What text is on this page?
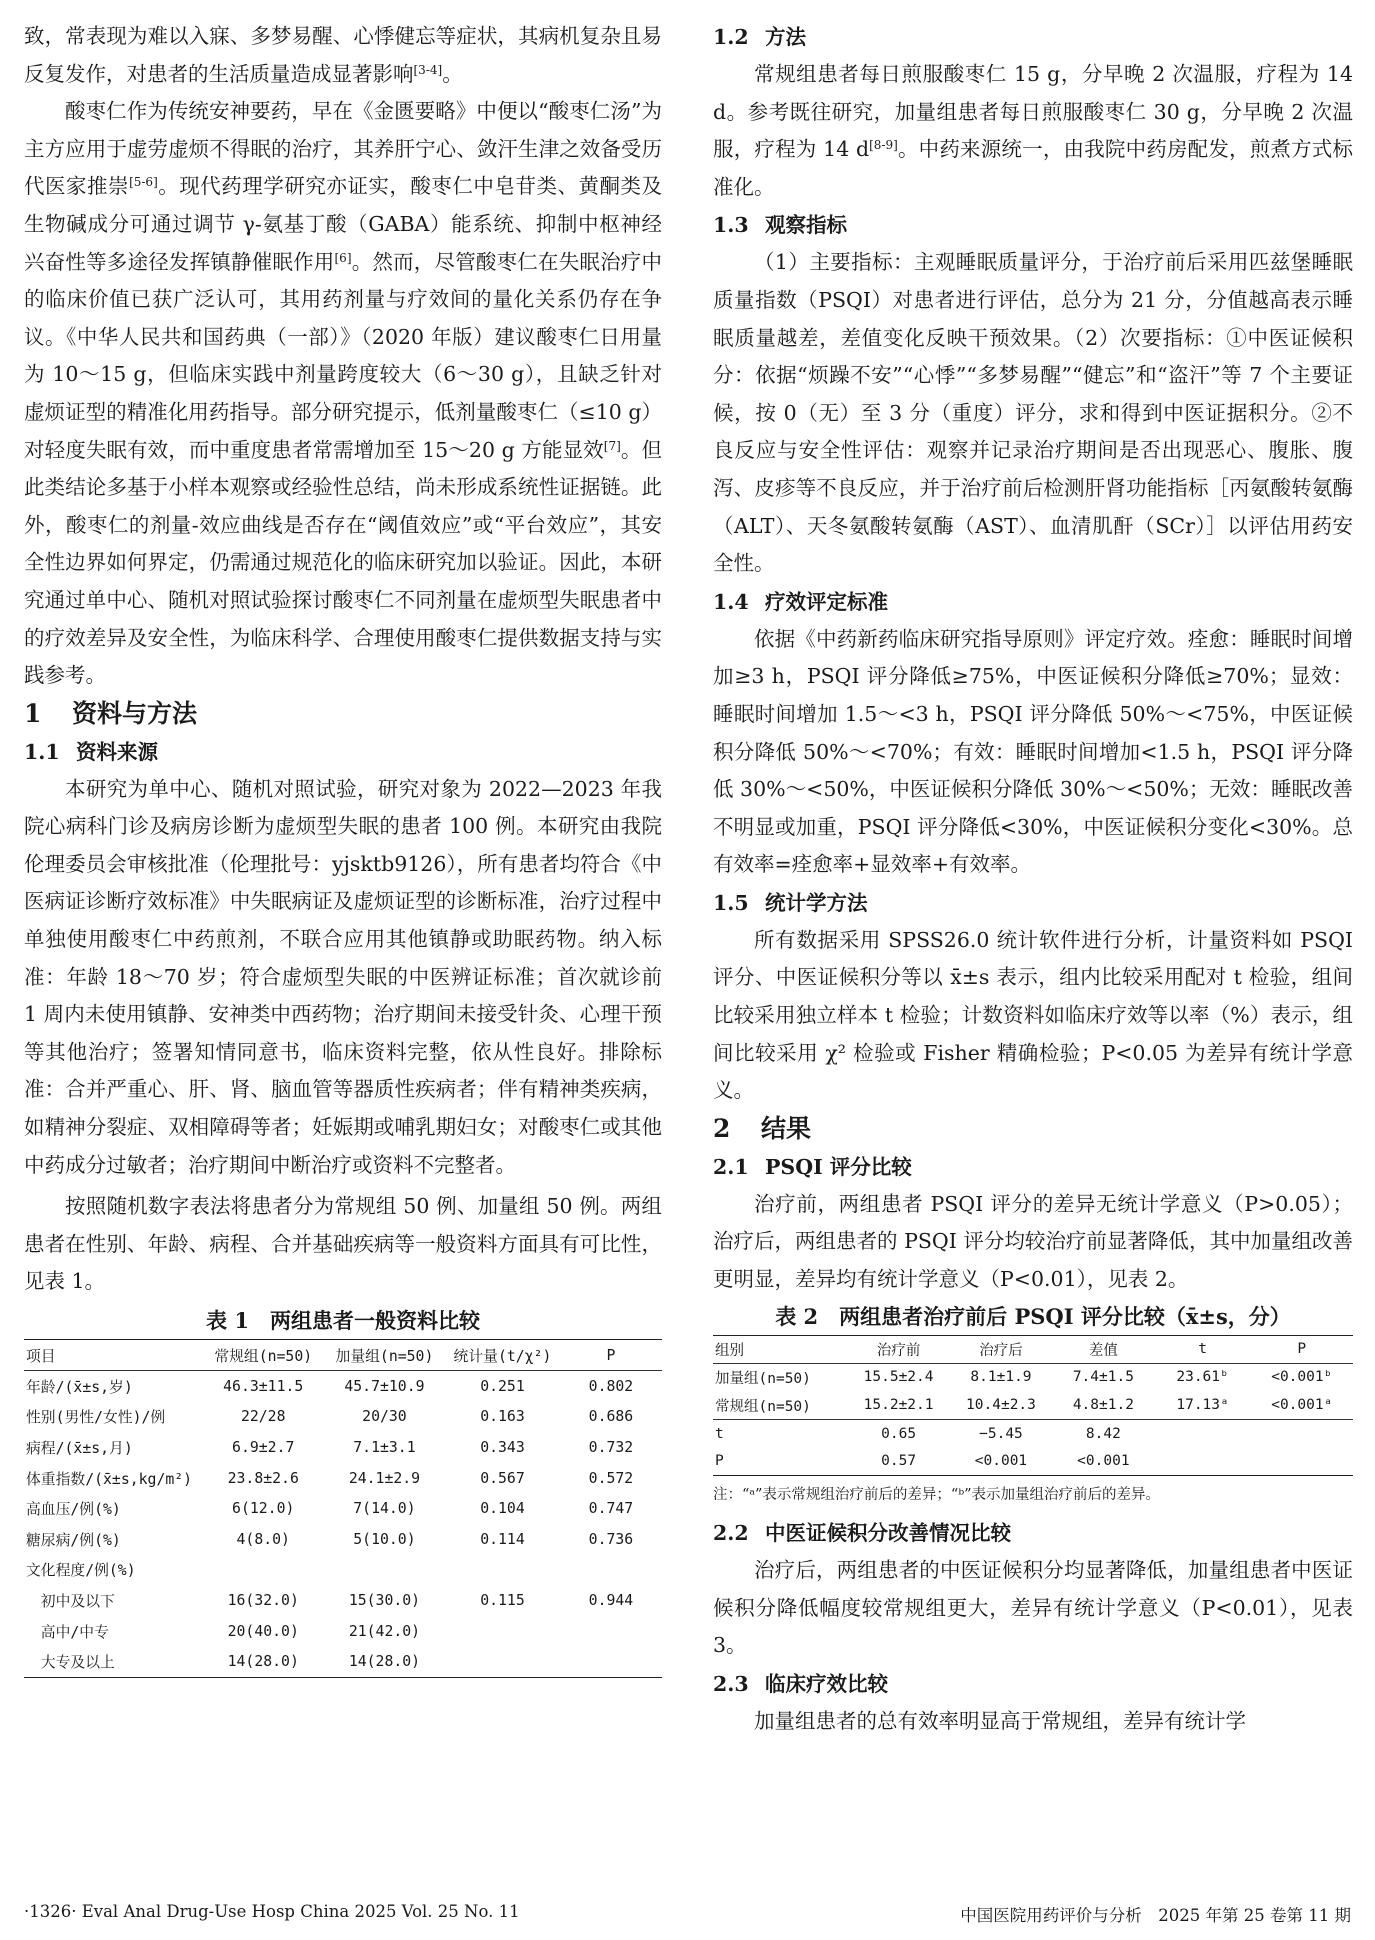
致，常表现为难以入寐、多梦易醒、心悸健忘等症状，其病机复杂且易反复发作，对患者的生活质量造成显著影响[3-4]。

酸枣仁作为传统安神要药，早在《金匮要略》中便以“酸枣仁汤”为主方应用于虚劳虚烦不得眠的治疗，其养肝宁心、敛汗生津之效备受历代医家推崇[5-6]。现代药理学研究亦证实，酸枣仁中皂苷类、黄酮类及生物碱成分可通过调节 γ-氨基丁酸（GABA）能系统、抑制中枢神经兴奋性等多途径发挥镇静催眠作用[6]。然而，尽管酸枣仁在失眠治疗中的临床价值已获广泛认可，其用药剂量与疗效间的量化关系仍存在争议。《中华人民共和国药典（一部）》（2020 年版）建议酸枣仁日用量为 10～15 g，但临床实践中剂量跨度较大（6～30 g），且缺乏针对虚烦证型的精准化用药指导。部分研究提示，低剂量酸枣仁（≤10 g）对轻度失眠有效，而中重度患者常需增加至 15～20 g 方能显效[7]。但此类结论多基于小样本观察或经验性总结，尚未形成系统性证据链。此外，酸枣仁的剂量-效应曲线是否存在“阈值效应”或“平台效应”，其安全性边界如何界定，仍需通过规范化的临床研究加以验证。因此，本研究通过单中心、随机对照试验探讨酸枣仁不同剂量在虚烦型失眠患者中的疗效差异及安全性，为临床科学、合理使用酸枣仁提供数据支持与实践参考。

1 资料与方法
1.1 资料来源

本研究为单中心、随机对照试验，研究对象为 2022—2023 年我院心病科门诊及病房诊断为虚烦型失眠的患者 100 例。本研究由我院伦理委员会审核批准（伦理批号：yjsktb9126），所有患者均符合《中医病证诊断疗效标准》中失眠病证及虚烦证型的诊断标准，治疗过程中单独使用酸枣仁中药煎剂，不联合应用其他镇静或助眠药物。纳入标准：年龄 18～70 岁；符合虚烦型失眠的中医辨证标准；首次就诊前 1 周内未使用镇静、安神类中西药物；治疗期间未接受针灸、心理干预等其他治疗；签署知情同意书，临床资料完整，依从性良好。排除标准：合并严重心、肝、肾、脑血管等器质性疾病者；伴有精神类疾病，如精神分裂症、双相障碍等者；妊娠期或哺乳期妇女；对酸枣仁或其他中药成分过敏者；治疗期间中断治疗或资料不完整者。

按照随机数字表法将患者分为常规组 50 例、加量组 50 例。两组患者在性别、年龄、病程、合并基础疾病等一般资料方面具有可比性，见表 1。

表 1　两组患者一般资料比较

项目	常规组(n=50)	加量组(n=50)	统计量(t/χ²)	P
年龄/(x̄±s,岁)	46.3±11.5	45.7±10.9	0.251	0.802
性别(男性/女性)/例	22/28	20/30	0.163	0.686
病程/(x̄±s,月)	6.9±2.7	7.1±3.1	0.343	0.732
体重指数/(x̄±s,kg/m²)	23.8±2.6	24.1±2.9	0.567	0.572
高血压/例(%)	6(12.0)	7(14.0)	0.104	0.747
糖尿病/例(%)	4(8.0)	5(10.0)	0.114	0.736
文化程度/例(%)				
　初中及以下	16(32.0)	15(30.0)	0.115	0.944
　高中/中专	20(40.0)	21(42.0)		
　大专及以上	14(28.0)	14(28.0)		
1.2 方法

常规组患者每日煎服酸枣仁 15 g，分早晚 2 次温服，疗程为 14 d。参考既往研究，加量组患者每日煎服酸枣仁 30 g，分早晚 2 次温服，疗程为 14 d[8-9]。中药来源统一，由我院中药房配发，煎煮方式标准化。

1.3 观察指标

（1）主要指标：主观睡眠质量评分，于治疗前后采用匹兹堡睡眠质量指数（PSQI）对患者进行评估，总分为 21 分，分值越高表示睡眠质量越差，差值变化反映干预效果。（2）次要指标：①中医证候积分：依据“烦躁不安”“心悸”“多梦易醒”“健忘”和“盗汗”等 7 个主要证候，按 0（无）至 3 分（重度）评分，求和得到中医证据积分。②不良反应与安全性评估：观察并记录治疗期间是否出现恶心、腹胀、腹泻、皮疹等不良反应，并于治疗前后检测肝肾功能指标［丙氨酸转氨酶（ALT）、天冬氨酸转氨酶（AST）、血清肌酐（SCr）］以评估用药安全性。

1.4 疗效评定标准

依据《中药新药临床研究指导原则》评定疗效。痊愈：睡眠时间增加≥3 h，PSQI 评分降低≥75%，中医证候积分降低≥70%；显效：睡眠时间增加 1.5～<3 h，PSQI 评分降低 50%～<75%，中医证候积分降低 50%～<70%；有效：睡眠时间增加<1.5 h，PSQI 评分降低 30%～<50%，中医证候积分降低 30%～<50%；无效：睡眠改善不明显或加重，PSQI 评分降低<30%，中医证候积分变化<30%。总有效率=痊愈率+显效率+有效率。

1.5 统计学方法

所有数据采用 SPSS26.0 统计软件进行分析，计量资料如 PSQI 评分、中医证候积分等以 x̄±s 表示，组内比较采用配对 t 检验，组间比较采用独立样本 t 检验；计数资料如临床疗效等以率（%）表示，组间比较采用 χ² 检验或 Fisher 精确检验；P<0.05 为差异有统计学意义。

2 结果
2.1 PSQI 评分比较

治疗前，两组患者 PSQI 评分的差异无统计学意义（P>0.05）；治疗后，两组患者的 PSQI 评分均较治疗前显著降低，其中加量组改善更明显，差异均有统计学意义（P<0.01），见表 2。

表 2　两组患者治疗前后 PSQI 评分比较（x̄±s，分）

组别	治疗前	治疗后	差值	t	P
加量组(n=50)	15.5±2.4	8.1±1.9	7.4±1.5	23.61ᵇ	<0.001ᵇ
常规组(n=50)	15.2±2.1	10.4±2.3	4.8±1.2	17.13ᵃ	<0.001ᵃ
t	0.65	−5.45	8.42		
P	0.57	<0.001	<0.001		

注：“ᵃ”表示常规组治疗前后的差异；“ᵇ”表示加量组治疗前后的差异。

2.2 中医证候积分改善情况比较

治疗后，两组患者的中医证候积分均显著降低，加量组患者中医证候积分降低幅度较常规组更大，差异有统计学意义（P<0.01），见表 3。

2.3 临床疗效比较

加量组患者的总有效率明显高于常规组，差异有统计学

·1326· Eval Anal Drug-Use Hosp China 2025 Vol. 25 No. 11	中国医院用药评价与分析　2025 年第 25 卷第 11 期
